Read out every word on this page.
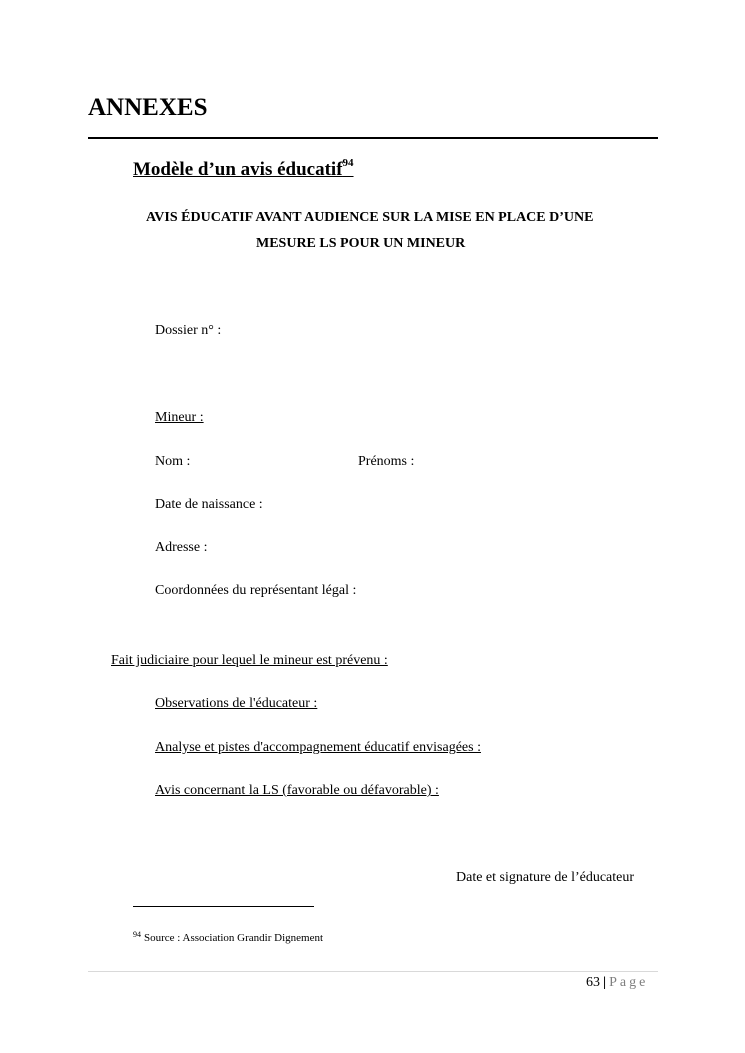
ANNEXES
Modèle d’un avis éducatif$^{94}$
AVIS ÉDUCATIF AVANT AUDIENCE SUR LA MISE EN PLACE D’UNE
MESURE LS POUR UN MINEUR
Dossier n° :
Mineur :
Nom :	Prénoms :
Date de naissance :
Adresse :
Coordonnées du représentant légal :
Fait judiciaire pour lequel le mineur est prévenu :
Observations de l'éducateur :
Analyse et pistes d'accompagnement éducatif envisagées :
Avis concernant la LS (favorable ou défavorable) :
Date et signature de l’éducateur
$^{94}$ Source : Association Grandir Dignement
63 | Page
